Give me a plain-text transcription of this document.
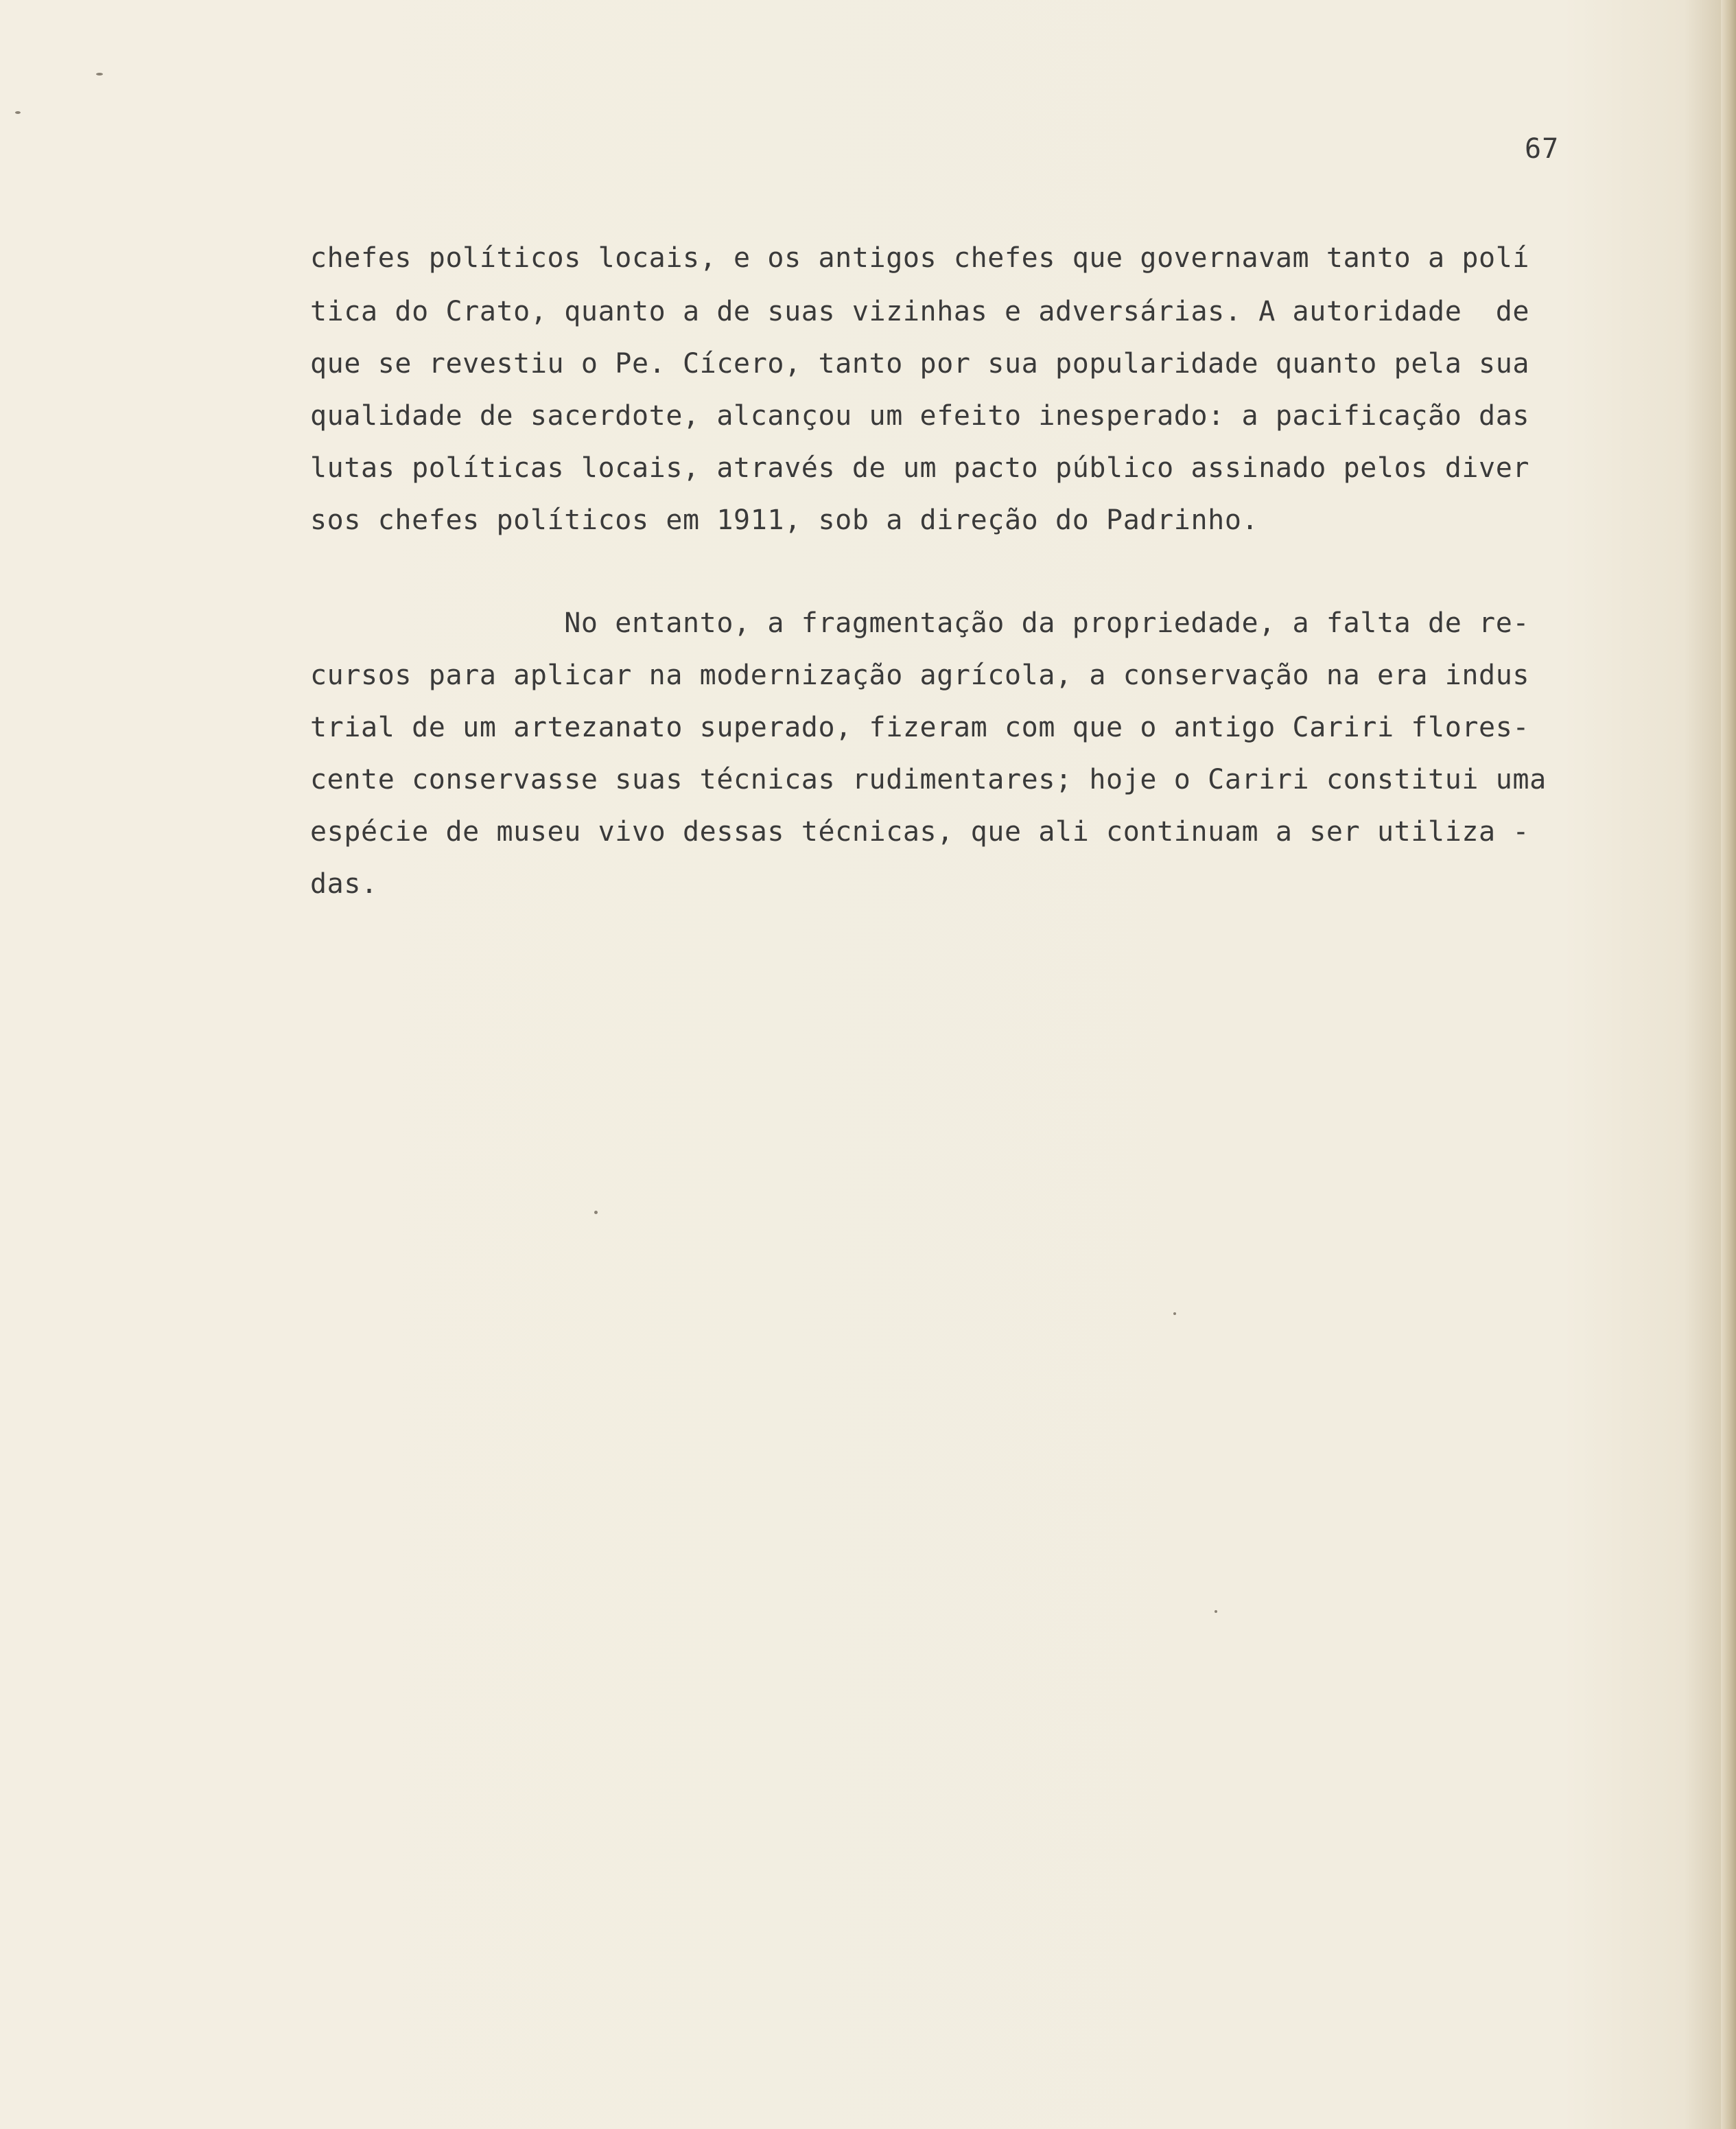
67
chefes políticos locais, e os antigos chefes que governavam tanto a polí
tica do Crato, quanto a de suas vizinhas e adversárias. A autoridade  de
que se revestiu o Pe. Cícero, tanto por sua popularidade quanto pela sua
qualidade de sacerdote, alcançou um efeito inesperado: a pacificação das
lutas políticas locais, através de um pacto público assinado pelos diver
sos chefes políticos em 1911, sob a direção do Padrinho.
No entanto, a fragmentação da propriedade, a falta de re-
cursos para aplicar na modernização agrícola, a conservação na era indus
trial de um artezanato superado, fizeram com que o antigo Cariri flores-
cente conservasse suas técnicas rudimentares; hoje o Cariri constitui uma
espécie de museu vivo dessas técnicas, que ali continuam a ser utiliza -
das.
